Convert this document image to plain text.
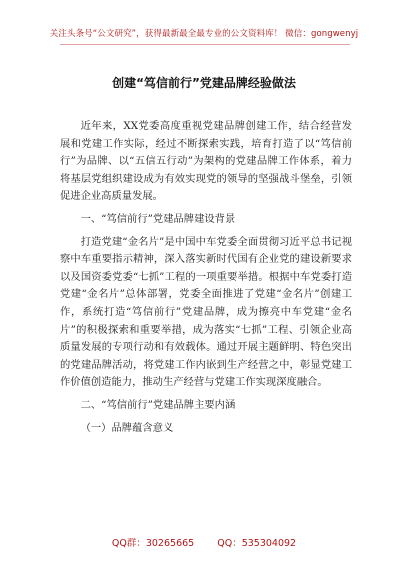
关注头条号“公文研究”，获得最新最全最专业的公文资料库！ 微信：gongwenyj
创建“笃信前行”党建品牌经验做法

近年来，XX党委高度重视党建品牌创建工作，结合经营发展和党建工作实际，经过不断探索实践，培育打造了以“笃信前行”为品牌、以“五信五行动”为架构的党建品牌工作体系，着力将基层党组织建设成为有效实现党的领导的坚强战斗堡垒，引领促进企业高质量发展。

一、“笃信前行”党建品牌建设背景

打造党建“金名片”是中国中车党委全面贯彻习近平总书记视察中车重要指示精神，深入落实新时代国有企业党的建设新要求以及国资委党委“七抓”工程的一项重要举措。根据中车党委打造党建“金名片”总体部署，党委全面推进了党建“金名片”创建工作，系统打造“笃信前行”党建品牌，成为擦亮中车党建“金名片”的积极探索和重要举措，成为落实“七抓”工程、引领企业高质量发展的专项行动和有效载体。通过开展主题鲜明、特色突出的党建品牌活动，将党建工作内嵌到生产经营之中，彰显党建工作价值创造能力，推动生产经营与党建工作实现深度融合。

二、“笃信前行”党建品牌主要内涵

（一）品牌蕴含意义

QQ群：30265665 QQ：535304092
